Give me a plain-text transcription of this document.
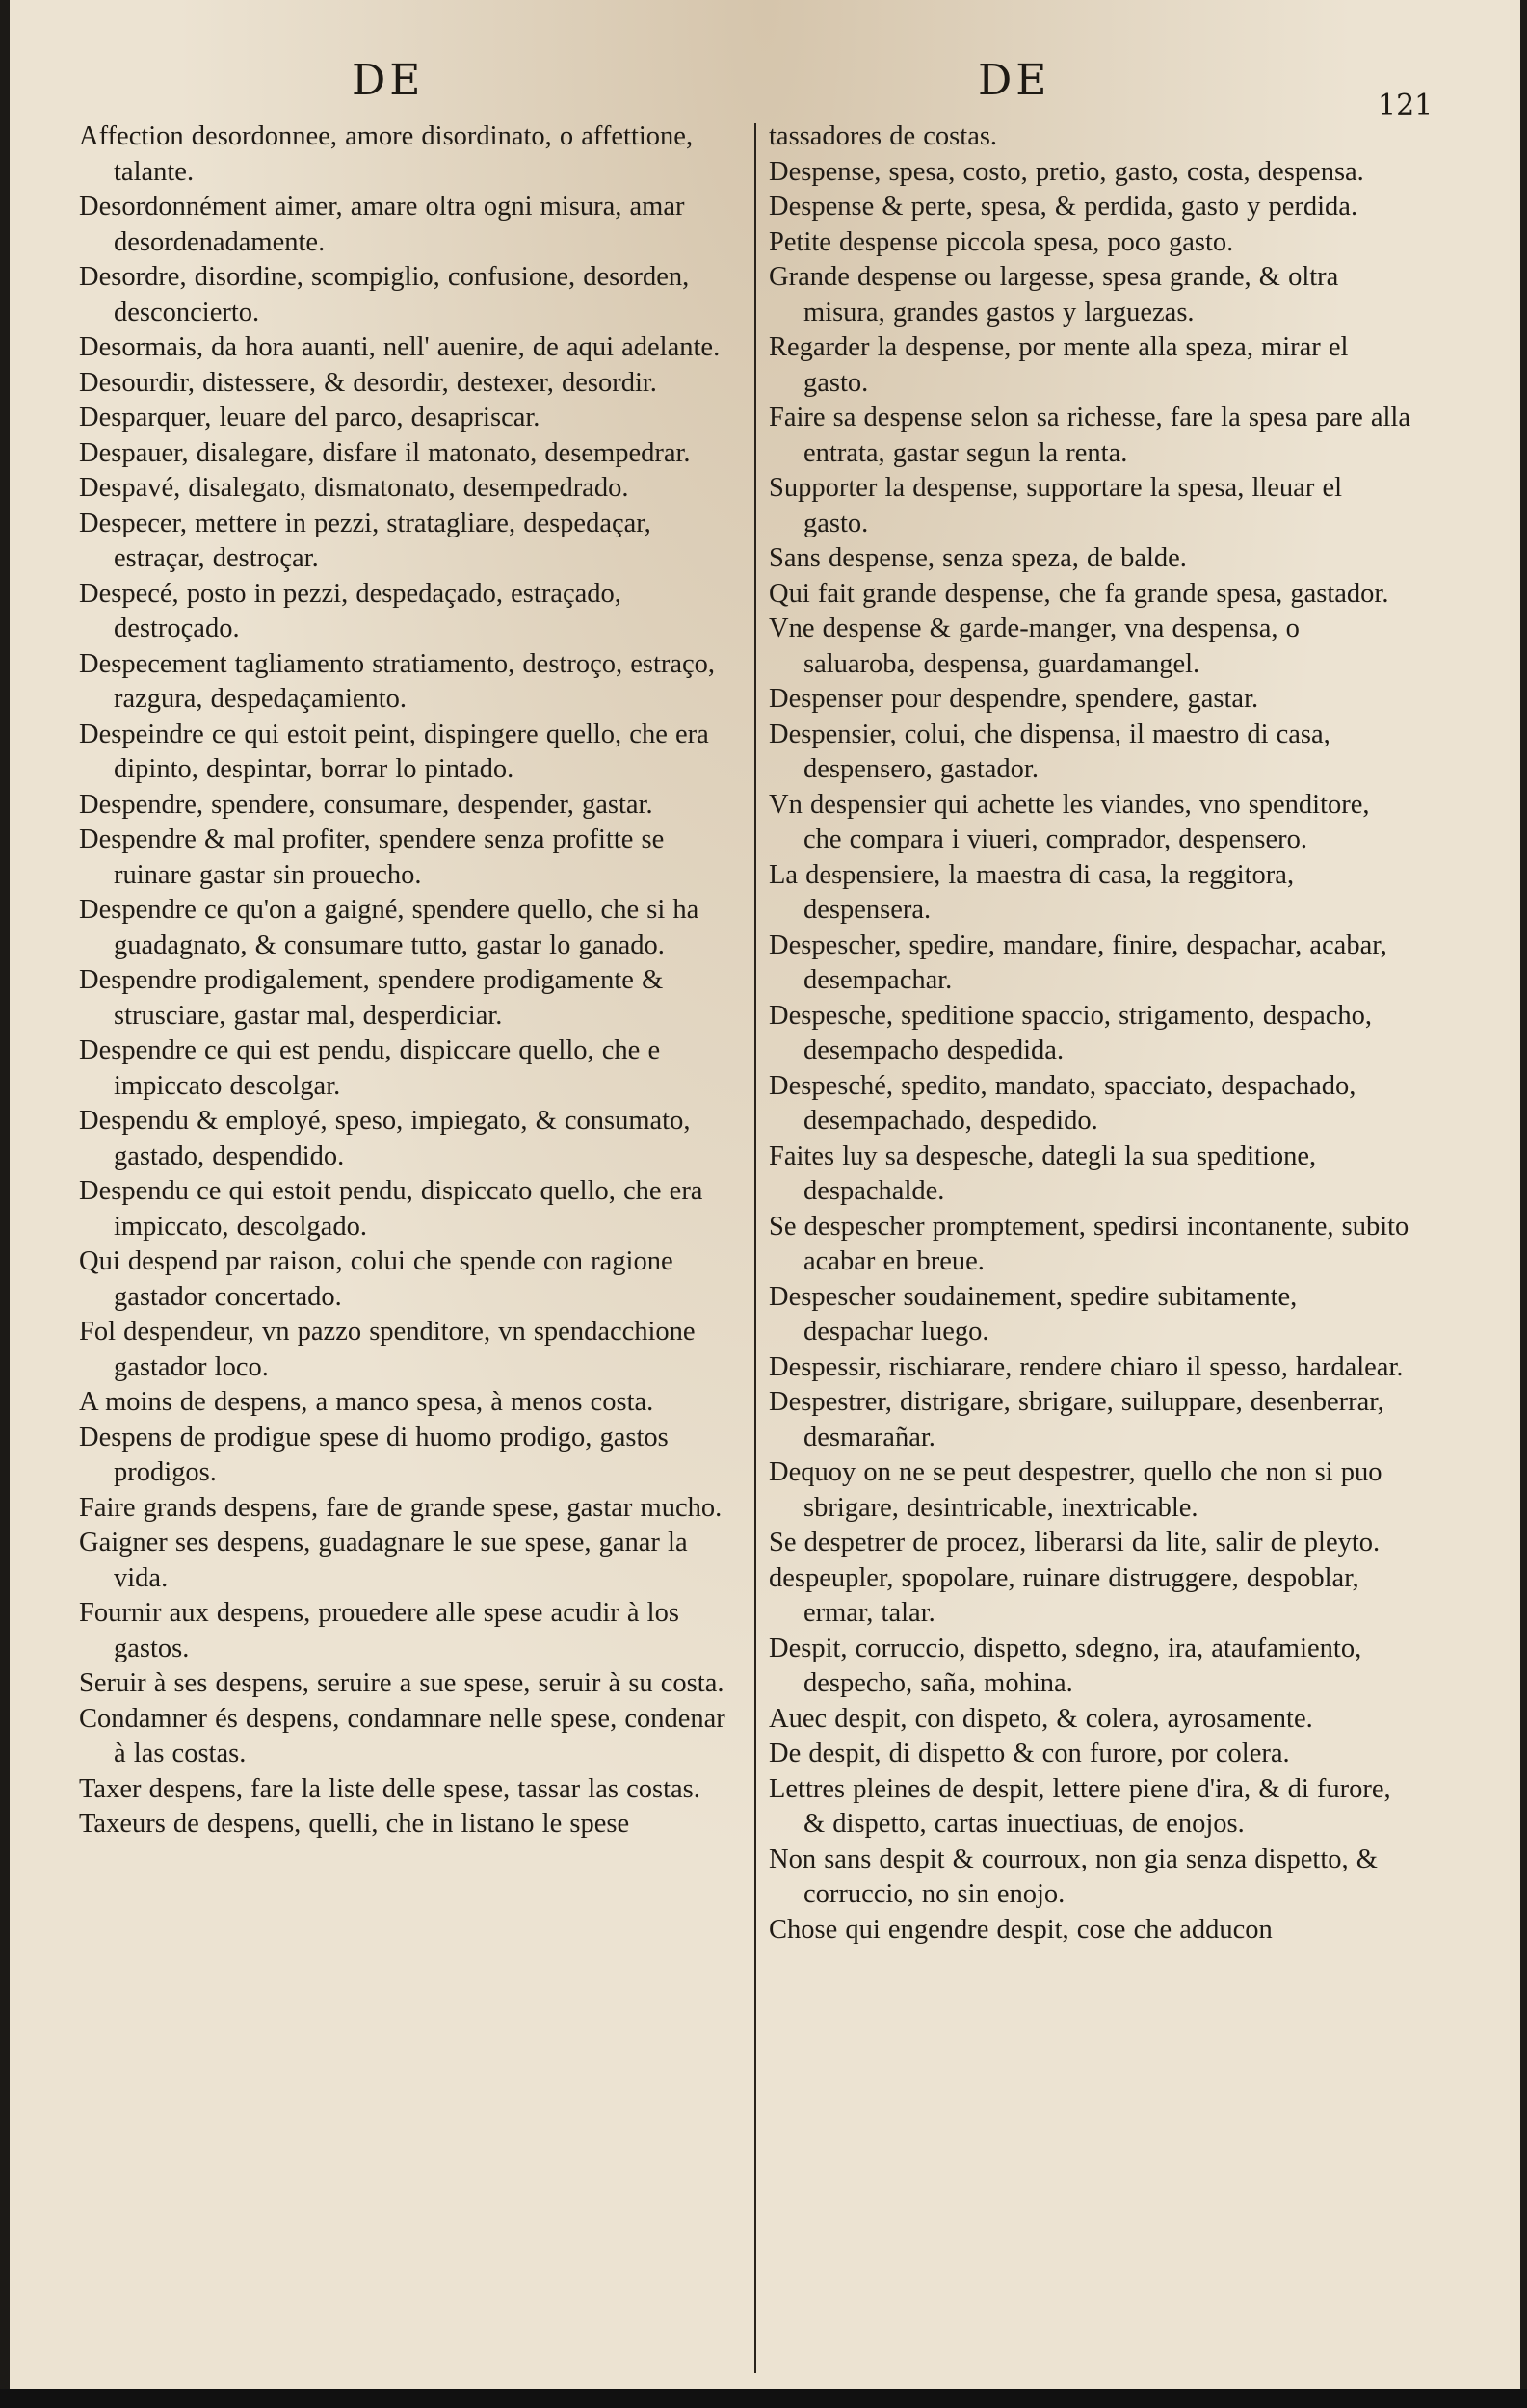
DE	DE
121

Affection desordonnee, amore disordinato, o affettione, talante.

Desordonnément aimer, amare oltra ogni misura, amar desordenadamente.

Desordre, disordine, scompiglio, confusione, desorden, desconcierto.

Desormais, da hora auanti, nell' auenire, de aqui adelante.

Desourdir, distessere, & desordir, destexer, desordir.

Desparquer, leuare del parco, desapriscar.

Despauer, disalegare, disfare il matonato, desempedrar.

Despavé, disalegato, dismatonato, desempedrado.

Despecer, mettere in pezzi, stratagliare, despedaçar, estraçar, destroçar.

Despecé, posto in pezzi, despedaçado, estraçado, destroçado.

Despecement tagliamento stratiamento, destroço, estraço, razgura, despedaçamiento.

Despeindre ce qui estoit peint, dispingere quello, che era dipinto, despintar, borrar lo pintado.

Despendre, spendere, consumare, despender, gastar.

Despendre & mal profiter, spendere senza profitte se ruinare gastar sin prouecho.

Despendre ce qu'on a gaigné, spendere quello, che si ha guadagnato, & consumare tutto, gastar lo ganado.

Despendre prodigalement, spendere prodigamente & strusciare, gastar mal, desperdiciar.

Despendre ce qui est pendu, dispiccare quello, che e impiccato descolgar.

Despendu & employé, speso, impiegato, & consumato, gastado, despendido.

Despendu ce qui estoit pendu, dispiccato quello, che era impiccato, descolgado.

Qui despend par raison, colui che spende con ragione gastador concertado.

Fol despendeur, vn pazzo spenditore, vn spendacchione gastador loco.

A moins de despens, a manco spesa, à menos costa.

Despens de prodigue spese di huomo prodigo, gastos prodigos.

Faire grands despens, fare de grande spese, gastar mucho.

Gaigner ses despens, guadagnare le sue spese, ganar la vida.

Fournir aux despens, prouedere alle spese acudir à los gastos.

Seruir à ses despens, seruire a sue spese, seruir à su costa.

Condamner és despens, condamnare nelle spese, condenar à las costas.

Taxer despens, fare la liste delle spese, tassar las costas.

Taxeurs de despens, quelli, che in listano le spese

tassadores de costas.

Despense, spesa, costo, pretio, gasto, costa, despensa.

Despense & perte, spesa, & perdida, gasto y perdida.

Petite despense piccola spesa, poco gasto.

Grande despense ou largesse, spesa grande, & oltra misura, grandes gastos y larguezas.

Regarder la despense, por mente alla speza, mirar el gasto.

Faire sa despense selon sa richesse, fare la spesa pare alla entrata, gastar segun la renta.

Supporter la despense, supportare la spesa, lleuar el gasto.

Sans despense, senza speza, de balde.

Qui fait grande despense, che fa grande spesa, gastador.

Vne despense & garde-manger, vna despensa, o saluaroba, despensa, guardamangel.

Despenser pour despendre, spendere, gastar.

Despensier, colui, che dispensa, il maestro di casa, despensero, gastador.

Vn despensier qui achette les viandes, vno spenditore, che compara i viueri, comprador, despensero.

La despensiere, la maestra di casa, la reggitora, despensera.

Despescher, spedire, mandare, finire, despachar, acabar, desempachar.

Despesche, speditione spaccio, strigamento, despacho, desempacho despedida.

Despesché, spedito, mandato, spacciato, despachado, desempachado, despedido.

Faites luy sa despesche, dategli la sua speditione, despachalde.

Se despescher promptement, spedirsi incontanente, subito acabar en breue.

Despescher soudainement, spedire subitamente, despachar luego.

Despessir, rischiarare, rendere chiaro il spesso, hardalear.

Despestrer, distrigare, sbrigare, suiluppare, desenberrar, desmarañar.

Dequoy on ne se peut despestrer, quello che non si puo sbrigare, desintricable, inextricable.

Se despetrer de procez, liberarsi da lite, salir de pleyto.

despeupler, spopolare, ruinare distruggere, despoblar, ermar, talar.

Despit, corruccio, dispetto, sdegno, ira, ataufamiento, despecho, saña, mohina.

Auec despit, con dispeto, & colera, ayrosamente.

De despit, di dispetto & con furore, por colera.

Lettres pleines de despit, lettere piene d'ira, & di furore, & dispetto, cartas inuectiuas, de enojos.

Non sans despit & courroux, non gia senza dispetto, & corruccio, no sin enojo.

Chose qui engendre despit, cose che adducon
